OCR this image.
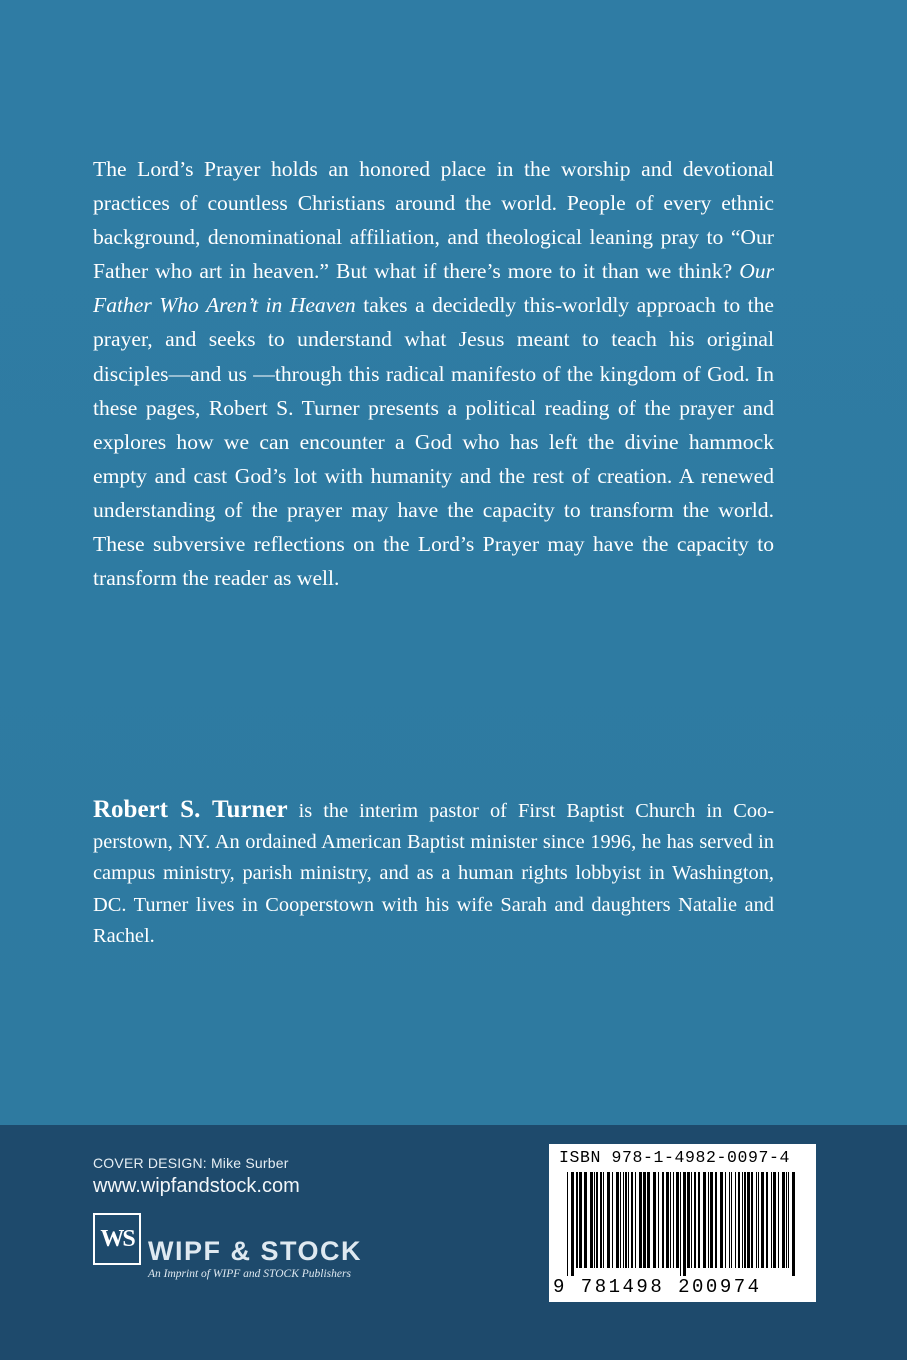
The Lord’s Prayer holds an honored place in the worship and devotional practices of countless Christians around the world. People of every ethnic background, denominational affiliation, and theological leaning pray to “Our Father who art in heaven.” But what if there’s more to it than we think? Our Father Who Aren’t in Heaven takes a decidedly this-worldly approach to the prayer, and seeks to understand what Jesus meant to teach his original disciples—and us —through this radical manifesto of the kingdom of God. In these pages, Robert S. Turner presents a political reading of the prayer and explores how we can encounter a God who has left the divine hammock empty and cast God’s lot with humanity and the rest of creation. A renewed understanding of the prayer may have the capacity to transform the world. These subversive reflections on the Lord’s Prayer may have the capacity to transform the reader as well.

Robert S. Turner is the interim pastor of First Baptist Church in Cooperstown, NY. An ordained American Baptist minister since 1996, he has served in campus ministry, parish ministry, and as a human rights lobbyist in Washington, DC. Turner lives in Cooperstown with his wife Sarah and daughters Natalie and Rachel.

COVER DESIGN: Mike Surber
www.wipfandstock.com
WS WIPF & STOCK
An Imprint of WIPF and STOCK Publishers
ISBN 978-1-4982-0097-4
9 781498 200974
